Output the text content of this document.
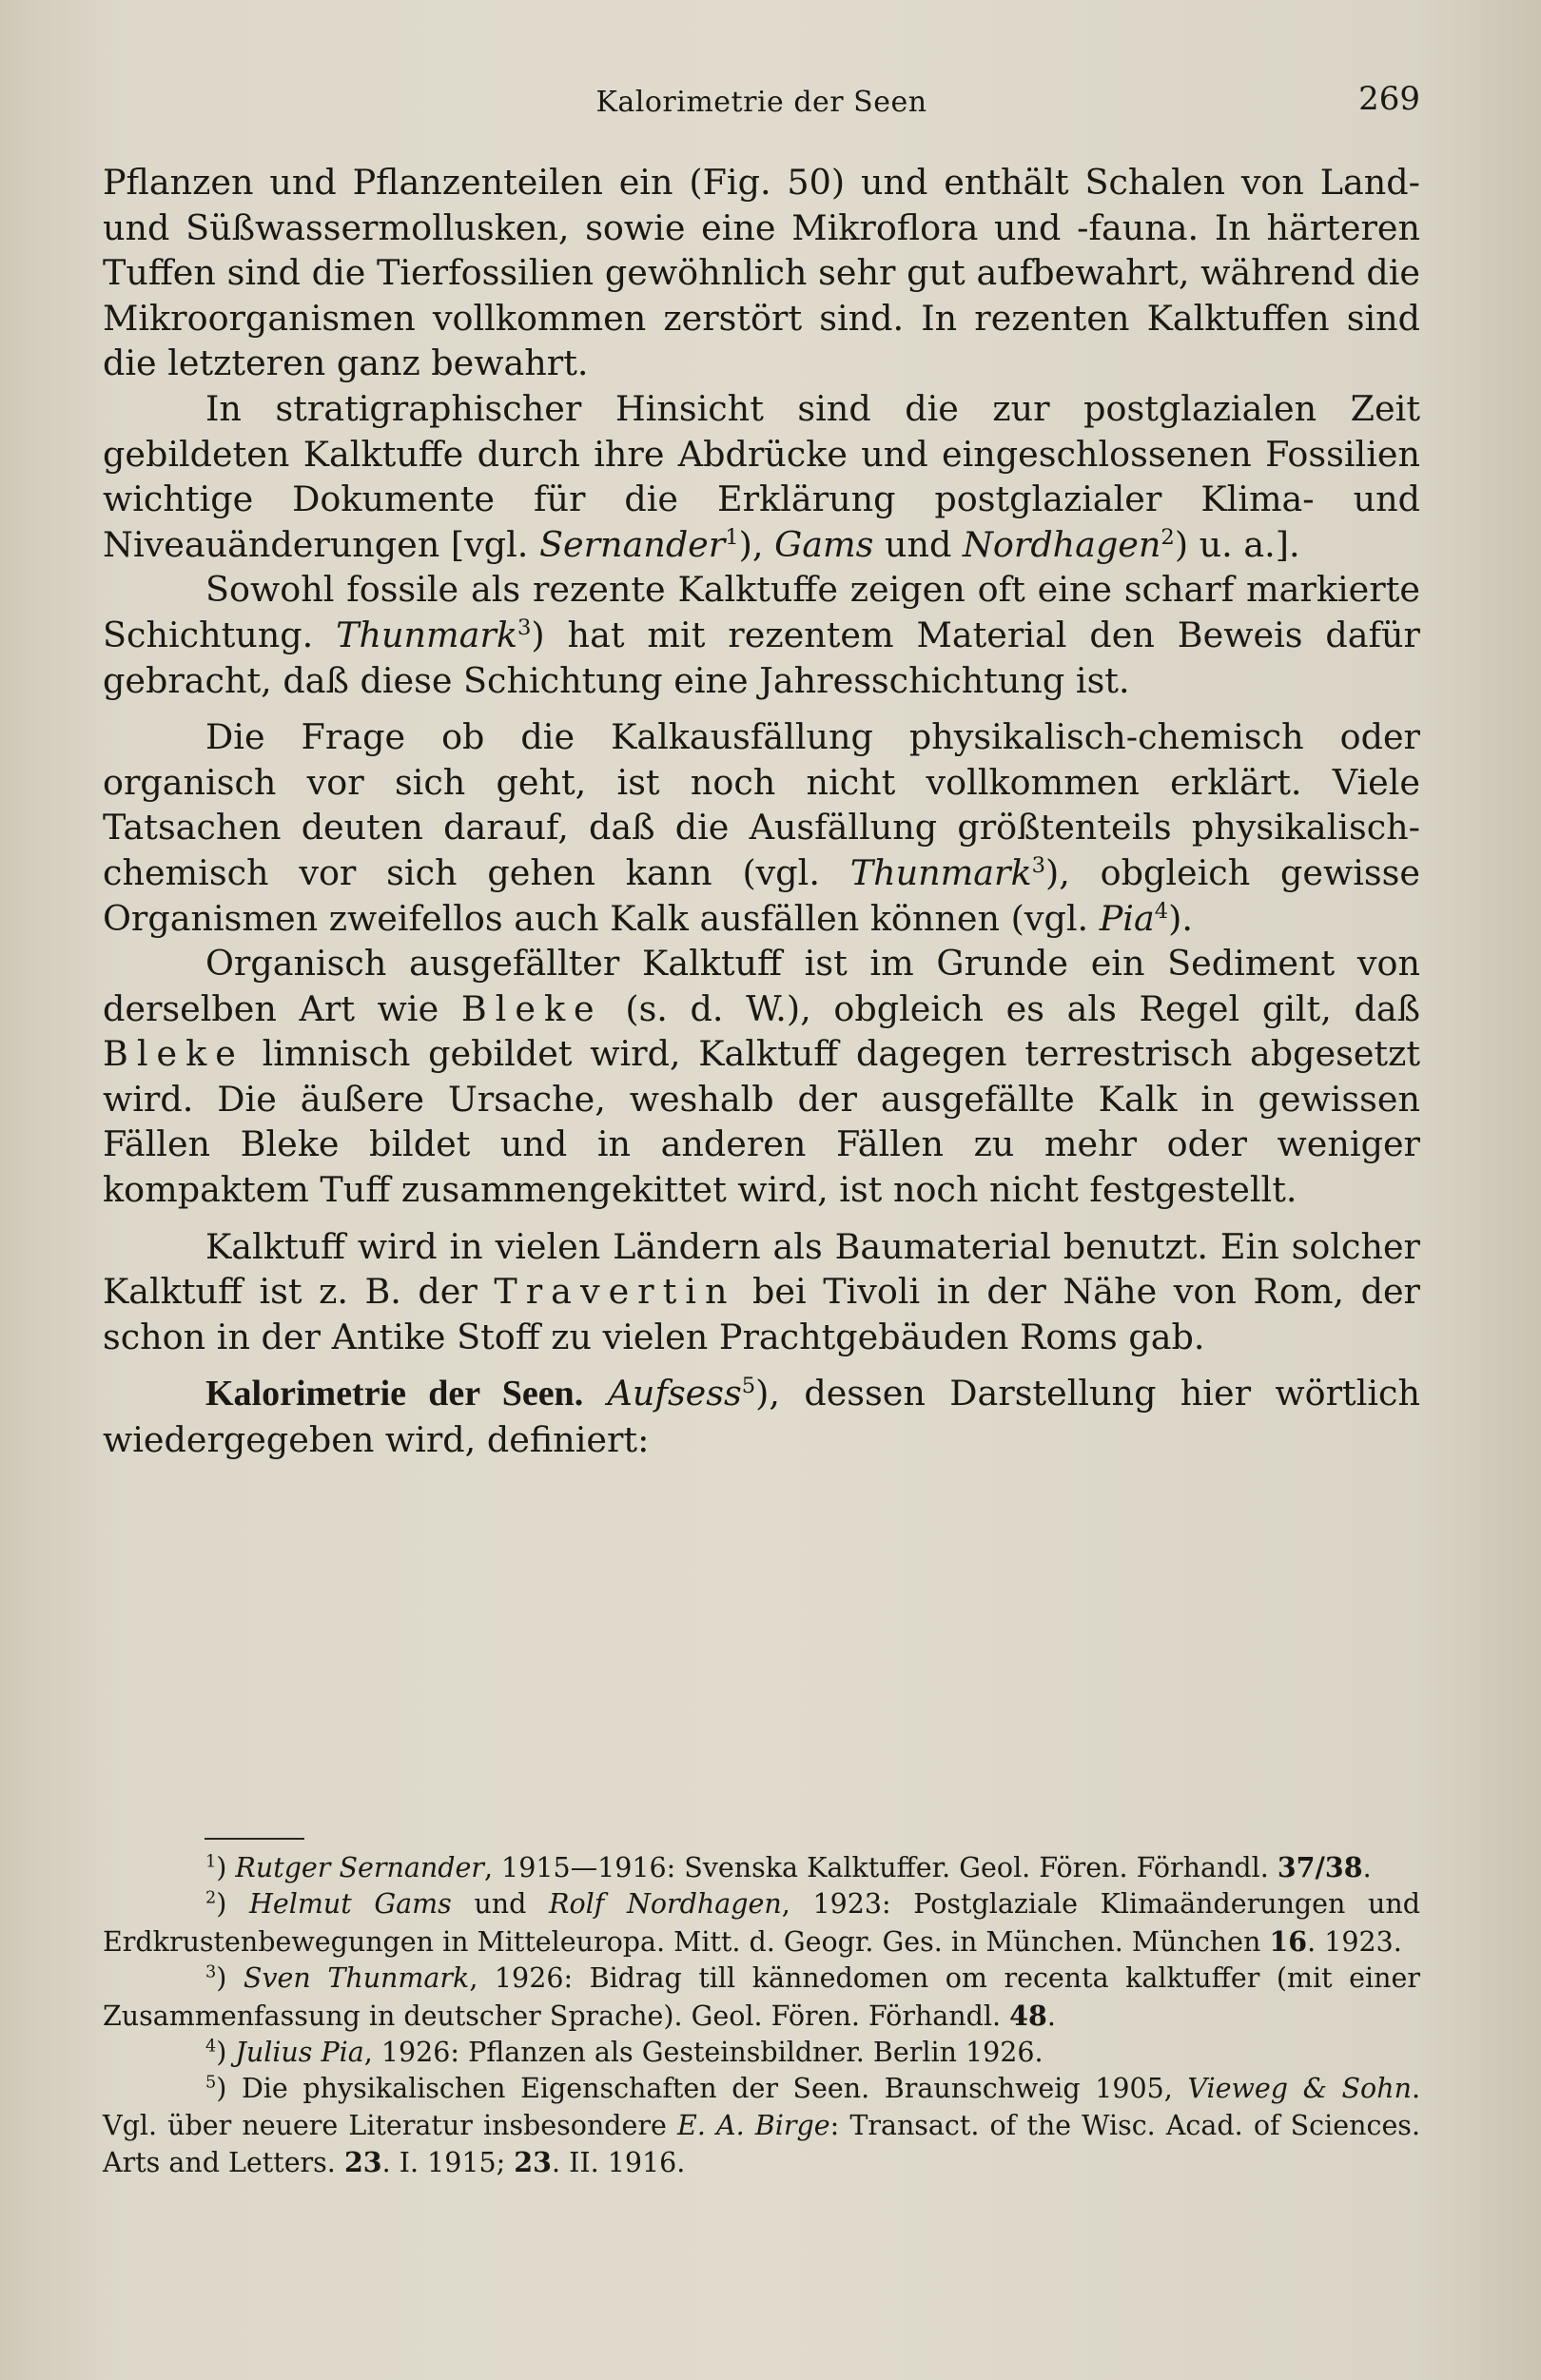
Kalorimetrie der Seen	269

Pflanzen und Pflanzenteilen ein (Fig. 50) und enthält Schalen von Land- und Süßwassermollusken, sowie eine Mikroflora und -fauna. In härteren Tuffen sind die Tierfossilien gewöhnlich sehr gut aufbewahrt, während die Mikroorganismen vollkommen zerstört sind. In rezenten Kalktuffen sind die letzteren ganz bewahrt.

In stratigraphischer Hinsicht sind die zur postglazialen Zeit gebildeten Kalktuffe durch ihre Abdrücke und eingeschlossenen Fossilien wichtige Dokumente für die Erklärung postglazialer Klima- und Niveauänderungen [vgl. Sernander$^1$), Gams und Nordhagen$^2$) u. a.].

Sowohl fossile als rezente Kalktuffe zeigen oft eine scharf markierte Schichtung. Thunmark$^3$) hat mit rezentem Material den Beweis dafür gebracht, daß diese Schichtung eine Jahresschichtung ist.

Die Frage ob die Kalkausfällung physikalisch-chemisch oder organisch vor sich geht, ist noch nicht vollkommen erklärt. Viele Tatsachen deuten darauf, daß die Ausfällung größtenteils physikalisch-chemisch vor sich gehen kann (vgl. Thunmark$^3$), obgleich gewisse Organismen zweifellos auch Kalk ausfällen können (vgl. Pia$^4$).

Organisch ausgefällter Kalktuff ist im Grunde ein Sediment von derselben Art wie Bleke (s. d. W.), obgleich es als Regel gilt, daß Bleke limnisch gebildet wird, Kalktuff dagegen terrestrisch abgesetzt wird. Die äußere Ursache, weshalb der ausgefällte Kalk in gewissen Fällen Bleke bildet und in anderen Fällen zu mehr oder weniger kompaktem Tuff zusammengekittet wird, ist noch nicht festgestellt.

Kalktuff wird in vielen Ländern als Baumaterial benutzt. Ein solcher Kalktuff ist z. B. der Travertin bei Tivoli in der Nähe von Rom, der schon in der Antike Stoff zu vielen Prachtgebäuden Roms gab.

Kalorimetrie der Seen. Aufsess$^5$), dessen Darstellung hier wörtlich wiedergegeben wird, definiert:

$^1$) Rutger Sernander, 1915—1916: Svenska Kalktuffer. Geol. Fören. Förhandl. 37/38.

$^2$) Helmut Gams und Rolf Nordhagen, 1923: Postglaziale Klimaänderungen und Erdkrustenbewegungen in Mitteleuropa. Mitt. d. Geogr. Ges. in München. München 16. 1923.

$^3$) Sven Thunmark, 1926: Bidrag till kännedomen om recenta kalktuffer (mit einer Zusammenfassung in deutscher Sprache). Geol. Fören. Förhandl. 48.

$^4$) Julius Pia, 1926: Pflanzen als Gesteinsbildner. Berlin 1926.

$^5$) Die physikalischen Eigenschaften der Seen. Braunschweig 1905, Vieweg & Sohn. Vgl. über neuere Literatur insbesondere E. A. Birge: Transact. of the Wisc. Acad. of Sciences. Arts and Letters. 23. I. 1915; 23. II. 1916.
